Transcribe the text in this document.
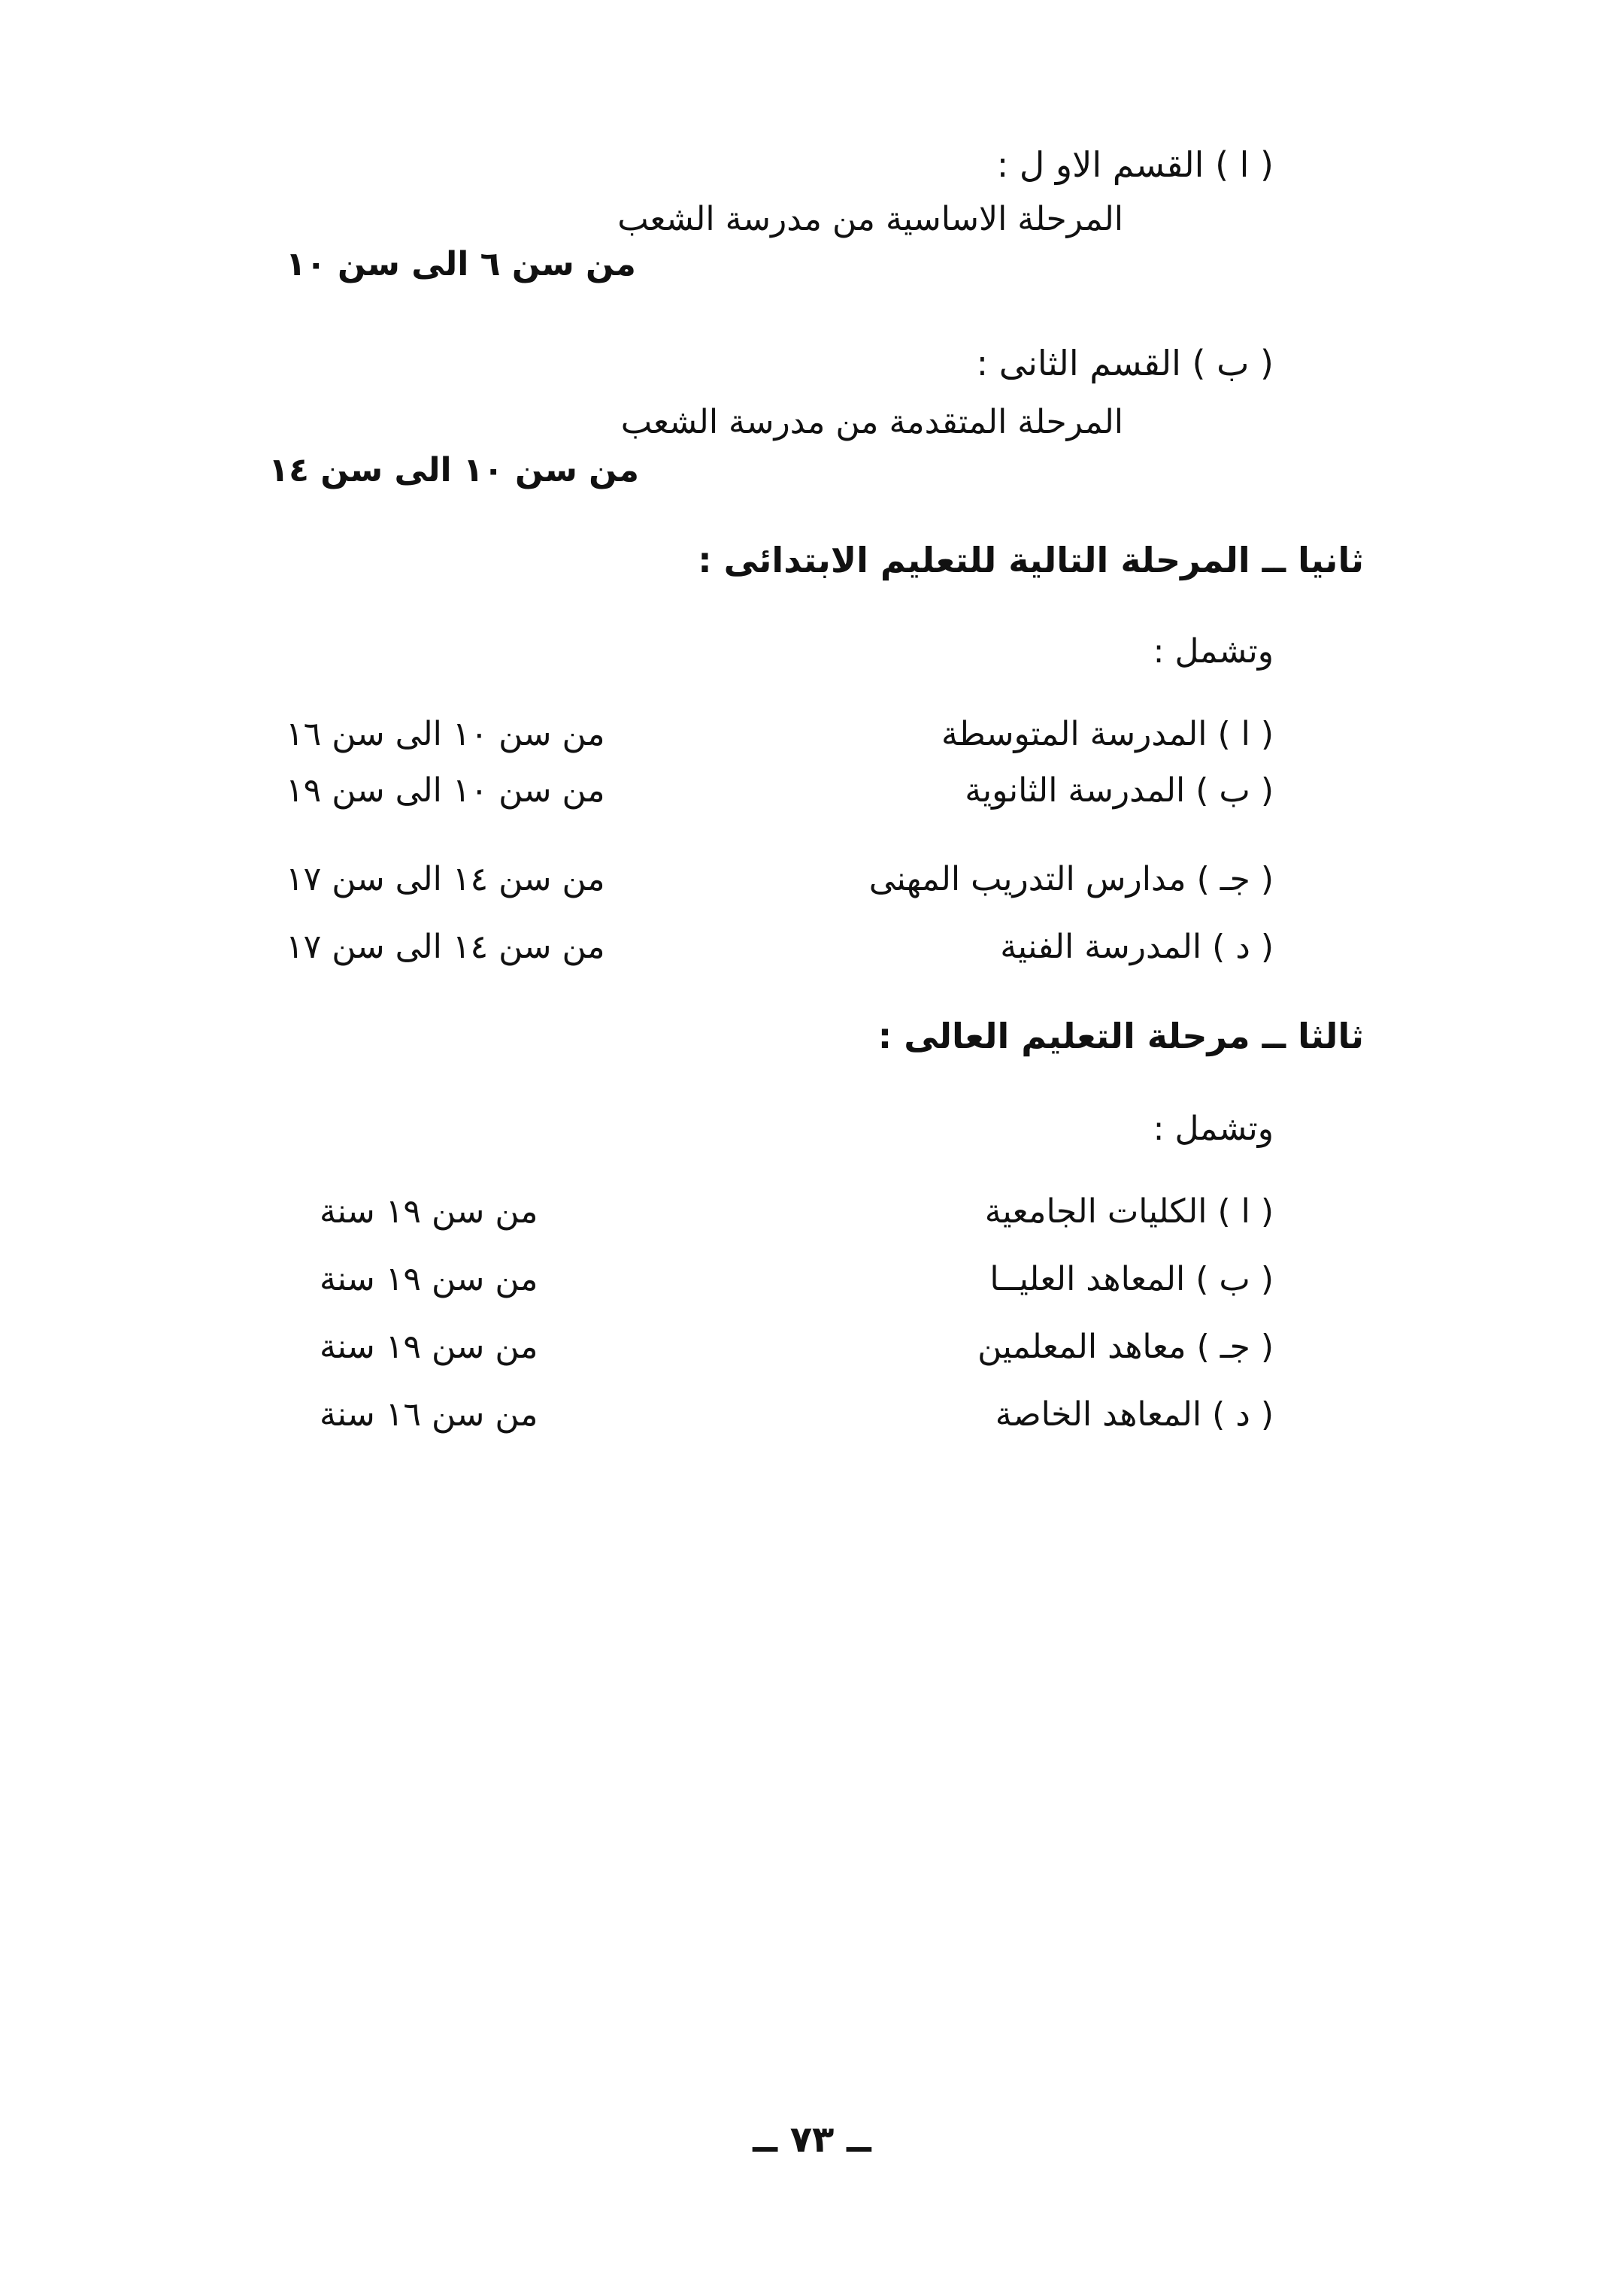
( ا ) القسم الاو ل :
المرحلة الاساسية من مدرسة الشعب
من سن ٦ الى سن ١٠
( ب ) القسم الثانى :
المرحلة المتقدمة من مدرسة الشعب
من سن ١٠ الى سن ١٤
ثانيا ــ المرحلة التالية للتعليم الابتدائى :
وتشمل :
( ا ) المدرسة المتوسطة
من سن ١٠ الى سن ١٦
( ب ) المدرسة الثانوية
من سن ١٠ الى سن ١٩
( جـ ) مدارس التدريب المهنى
من سن ١٤ الى سن ١٧
( د ) المدرسة الفنية
من سن ١٤ الى سن ١٧
ثالثا ــ مرحلة التعليم العالى :
وتشمل :
( ا ) الكليات الجامعية
من سن ١٩ سنة
( ب ) المعاهد العليــا
من سن ١٩ سنة
( جـ ) معاهد المعلمين
من سن ١٩ سنة
( د ) المعاهد الخاصة
من سن ١٦ سنة
ــ ٧٣ ــ
